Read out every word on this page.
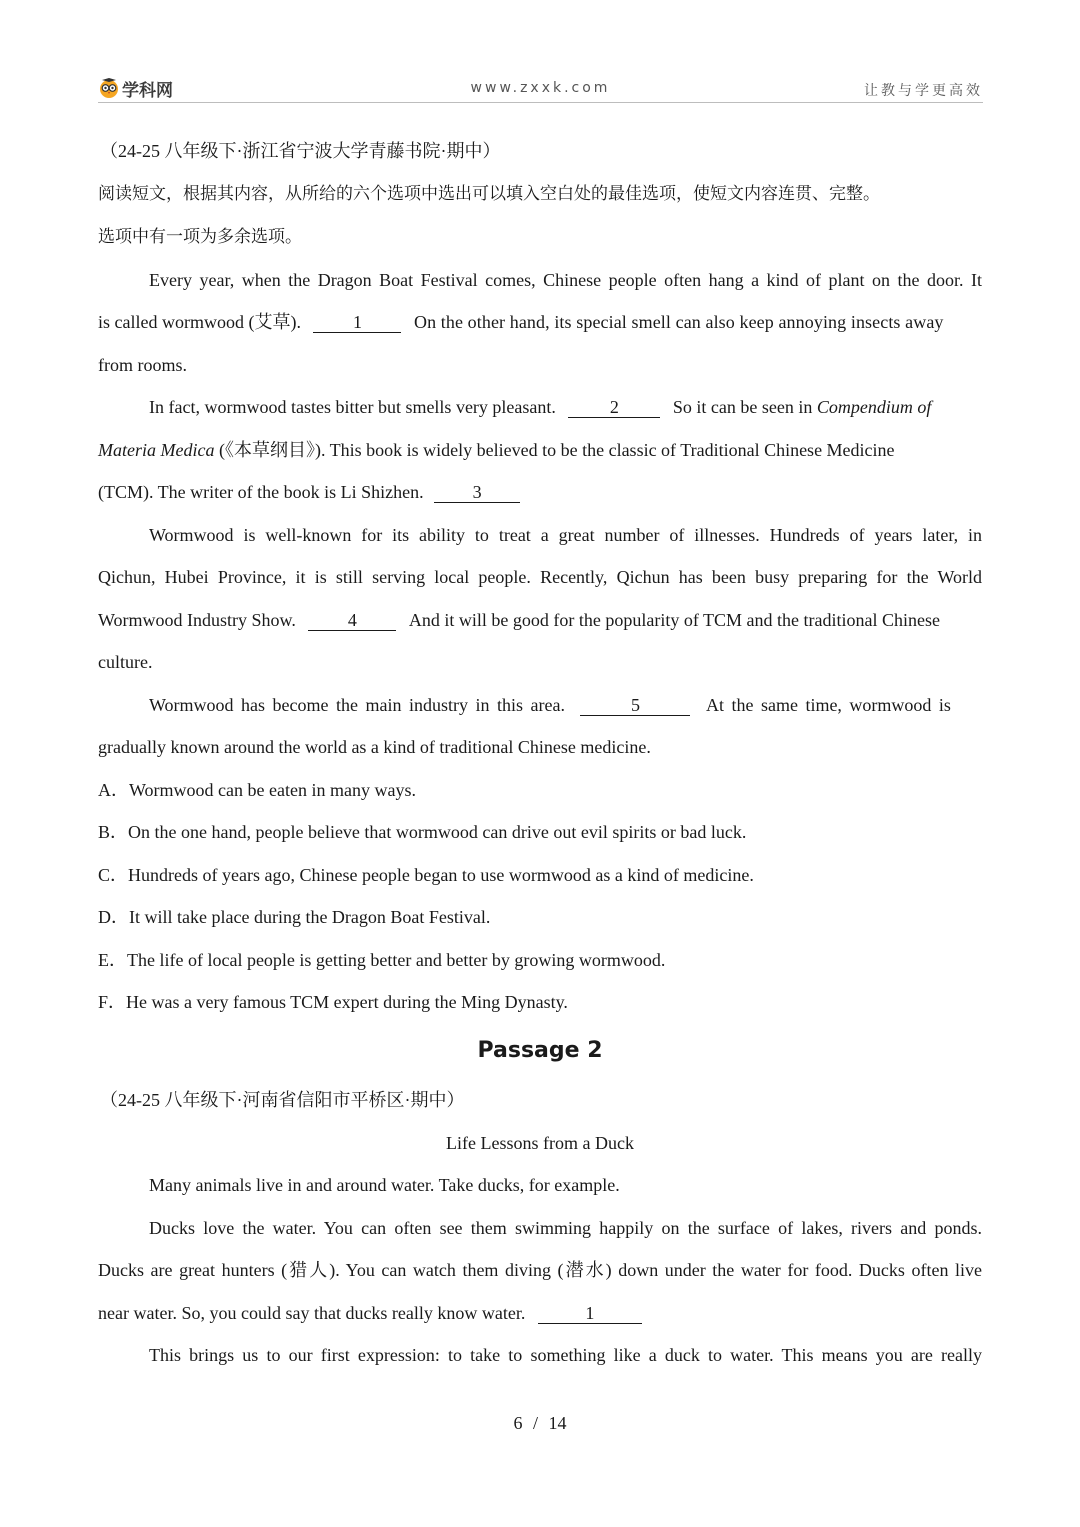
学科网	www.zxxk.com	让教与学更高效
（24-25 八年级下·浙江省宁波大学青藤书院·期中）
阅读短文，根据其内容，从所给的六个选项中选出可以填入空白处的最佳选项，使短文内容连贯、完整。
选项中有一项为多余选项。
Every year, when the Dragon Boat Festival comes, Chinese people often hang a kind of plant on the door. It
is called wormwood (艾草).	1	On the other hand, its special smell can also keep annoying insects away
from rooms.
In fact, wormwood tastes bitter but smells very pleasant.	2	So it can be seen in Compendium of
Materia Medica (《本草纲目》). This book is widely believed to be the classic of Traditional Chinese Medicine
(TCM). The writer of the book is Li Shizhen.	3
Wormwood is well-known for its ability to treat a great number of illnesses. Hundreds of years later, in
Qichun, Hubei Province, it is still serving local people. Recently, Qichun has been busy preparing for the World
Wormwood Industry Show.	4	And it will be good for the popularity of TCM and the traditional Chinese
culture.
Wormwood has become the main industry in this area.	5	At the same time, wormwood is
gradually known around the world as a kind of traditional Chinese medicine.
A．Wormwood can be eaten in many ways.
B．On the one hand, people believe that wormwood can drive out evil spirits or bad luck.
C．Hundreds of years ago, Chinese people began to use wormwood as a kind of medicine.
D．It will take place during the Dragon Boat Festival.
E．The life of local people is getting better and better by growing wormwood.
F．He was a very famous TCM expert during the Ming Dynasty.
Passage 2
（24-25 八年级下·河南省信阳市平桥区·期中）
Life Lessons from a Duck
Many animals live in and around water. Take ducks, for example.
Ducks love the water. You can often see them swimming happily on the surface of lakes, rivers and ponds.
Ducks are great hunters (猎人). You can watch them diving (潜水) down under the water for food. Ducks often live
near water. So, you could say that ducks really know water.	1
This brings us to our first expression: to take to something like a duck to water. This means you are really
6 / 14
